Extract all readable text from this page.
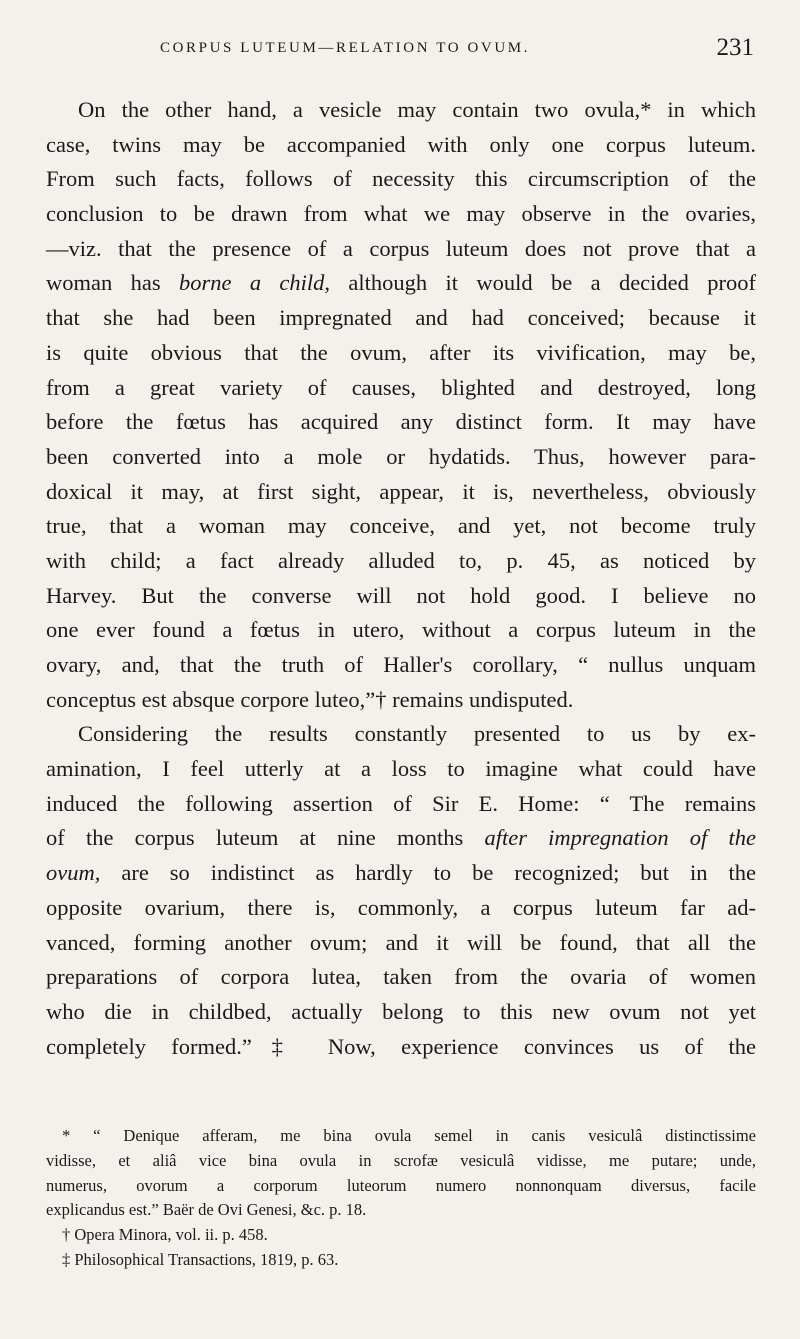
CORPUS LUTEUM—RELATION TO OVUM.	231
On the other hand, a vesicle may contain two ovula,* in which
case, twins may be accompanied with only one corpus luteum.
From such facts, follows of necessity this circumscription of the
conclusion to be drawn from what we may observe in the ovaries,
—viz. that the presence of a corpus luteum does not prove that a
woman has borne a child, although it would be a decided proof
that she had been impregnated and had conceived; because it
is quite obvious that the ovum, after its vivification, may be,
from a great variety of causes, blighted and destroyed, long
before the fœtus has acquired any distinct form. It may have
been converted into a mole or hydatids. Thus, however para-
doxical it may, at first sight, appear, it is, nevertheless, obviously
true, that a woman may conceive, and yet, not become truly
with child; a fact already alluded to, p. 45, as noticed by
Harvey. But the converse will not hold good. I believe no
one ever found a fœtus in utero, without a corpus luteum in the
ovary, and, that the truth of Haller's corollary, “ nullus unquam
conceptus est absque corpore luteo,”† remains undisputed.
Considering the results constantly presented to us by ex-
amination, I feel utterly at a loss to imagine what could have
induced the following assertion of Sir E. Home: “ The remains
of the corpus luteum at nine months after impregnation of the
ovum, are so indistinct as hardly to be recognized; but in the
opposite ovarium, there is, commonly, a corpus luteum far ad-
vanced, forming another ovum; and it will be found, that all the
preparations of corpora lutea, taken from the ovaria of women
who die in childbed, actually belong to this new ovum not yet
completely formed.”‡ Now, experience convinces us of the
* “ Denique afferam, me bina ovula semel in canis vesiculâ distinctissime
vidisse, et aliâ vice bina ovula in scrofæ vesiculâ vidisse, me putare; unde,
numerus, ovorum a corporum luteorum numero nonnonquam diversus, facile
explicandus est.” Baër de Ovi Genesi, &c. p. 18.
† Opera Minora, vol. ii. p. 458.
‡ Philosophical Transactions, 1819, p. 63.
